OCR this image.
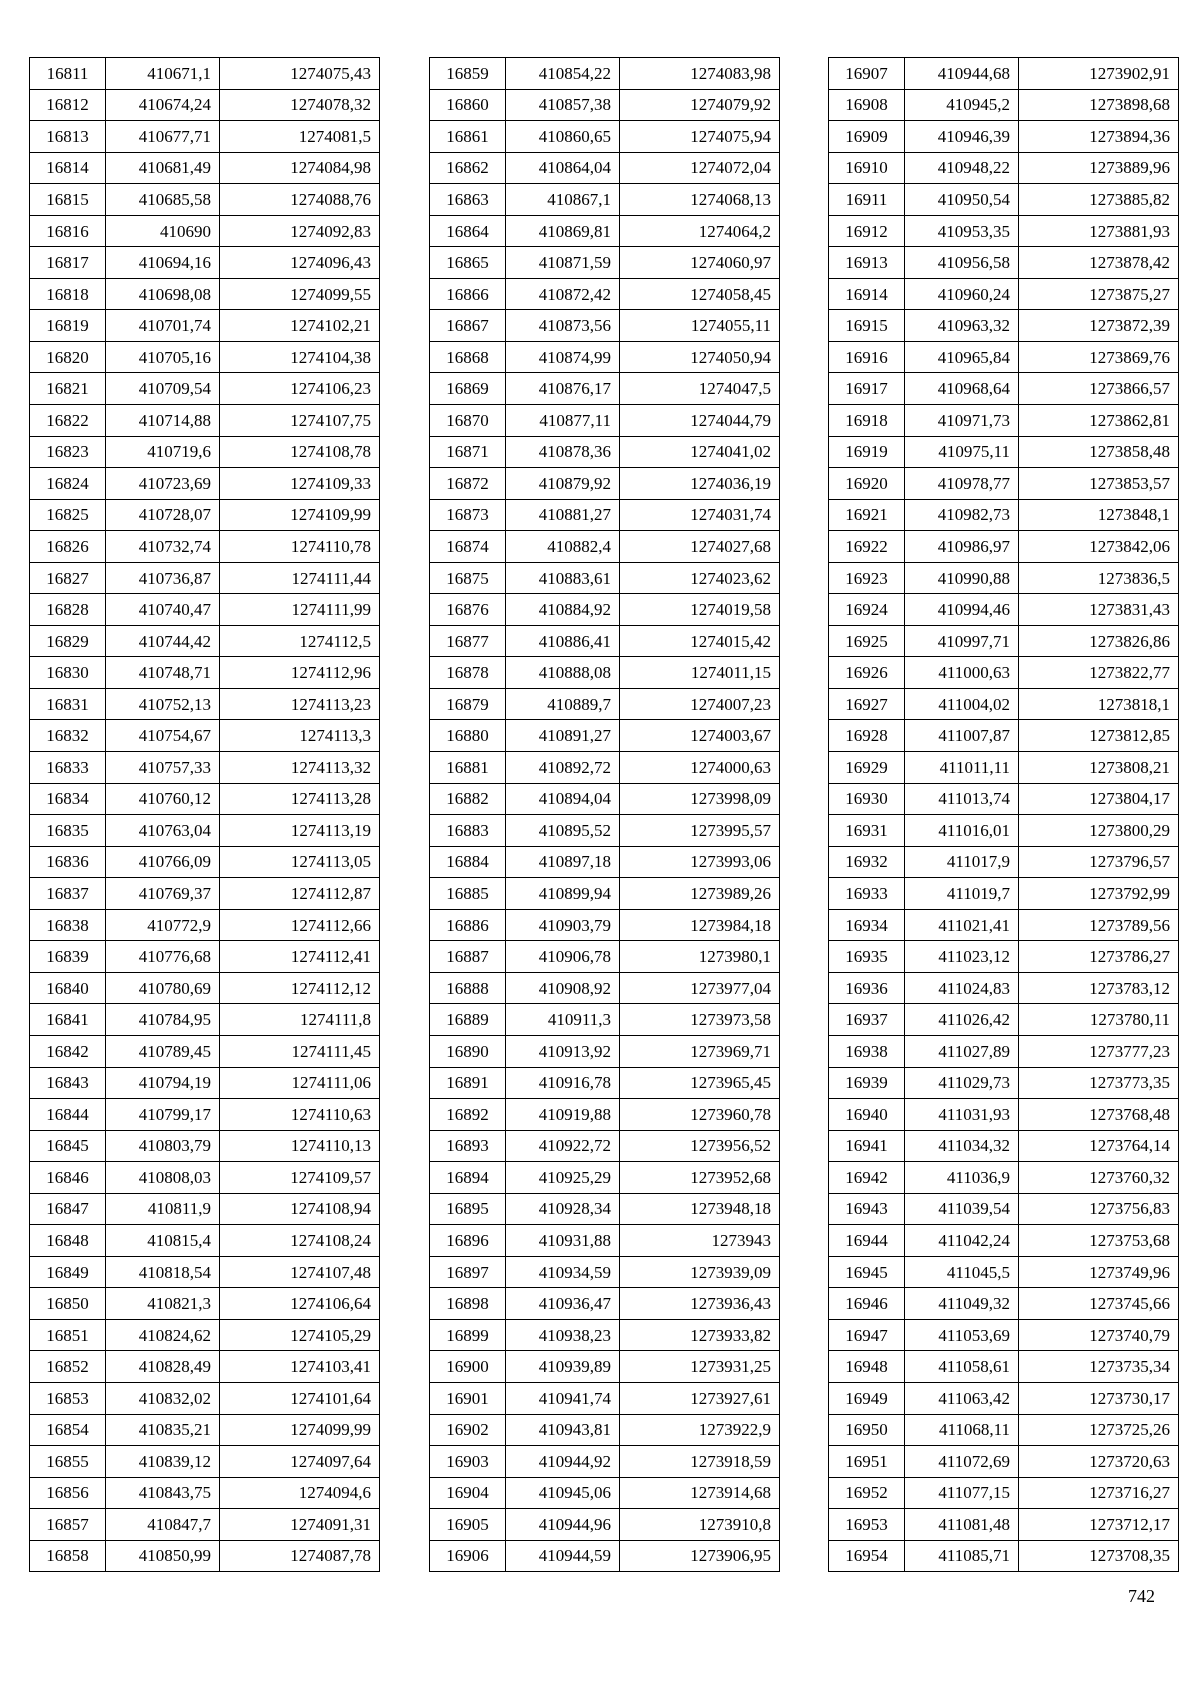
16811	410671,1	1274075,43
16812	410674,24	1274078,32
16813	410677,71	1274081,5
16814	410681,49	1274084,98
16815	410685,58	1274088,76
16816	410690	1274092,83
16817	410694,16	1274096,43
16818	410698,08	1274099,55
16819	410701,74	1274102,21
16820	410705,16	1274104,38
16821	410709,54	1274106,23
16822	410714,88	1274107,75
16823	410719,6	1274108,78
16824	410723,69	1274109,33
16825	410728,07	1274109,99
16826	410732,74	1274110,78
16827	410736,87	1274111,44
16828	410740,47	1274111,99
16829	410744,42	1274112,5
16830	410748,71	1274112,96
16831	410752,13	1274113,23
16832	410754,67	1274113,3
16833	410757,33	1274113,32
16834	410760,12	1274113,28
16835	410763,04	1274113,19
16836	410766,09	1274113,05
16837	410769,37	1274112,87
16838	410772,9	1274112,66
16839	410776,68	1274112,41
16840	410780,69	1274112,12
16841	410784,95	1274111,8
16842	410789,45	1274111,45
16843	410794,19	1274111,06
16844	410799,17	1274110,63
16845	410803,79	1274110,13
16846	410808,03	1274109,57
16847	410811,9	1274108,94
16848	410815,4	1274108,24
16849	410818,54	1274107,48
16850	410821,3	1274106,64
16851	410824,62	1274105,29
16852	410828,49	1274103,41
16853	410832,02	1274101,64
16854	410835,21	1274099,99
16855	410839,12	1274097,64
16856	410843,75	1274094,6
16857	410847,7	1274091,31
16858	410850,99	1274087,78
16859	410854,22	1274083,98
16860	410857,38	1274079,92
16861	410860,65	1274075,94
16862	410864,04	1274072,04
16863	410867,1	1274068,13
16864	410869,81	1274064,2
16865	410871,59	1274060,97
16866	410872,42	1274058,45
16867	410873,56	1274055,11
16868	410874,99	1274050,94
16869	410876,17	1274047,5
16870	410877,11	1274044,79
16871	410878,36	1274041,02
16872	410879,92	1274036,19
16873	410881,27	1274031,74
16874	410882,4	1274027,68
16875	410883,61	1274023,62
16876	410884,92	1274019,58
16877	410886,41	1274015,42
16878	410888,08	1274011,15
16879	410889,7	1274007,23
16880	410891,27	1274003,67
16881	410892,72	1274000,63
16882	410894,04	1273998,09
16883	410895,52	1273995,57
16884	410897,18	1273993,06
16885	410899,94	1273989,26
16886	410903,79	1273984,18
16887	410906,78	1273980,1
16888	410908,92	1273977,04
16889	410911,3	1273973,58
16890	410913,92	1273969,71
16891	410916,78	1273965,45
16892	410919,88	1273960,78
16893	410922,72	1273956,52
16894	410925,29	1273952,68
16895	410928,34	1273948,18
16896	410931,88	1273943
16897	410934,59	1273939,09
16898	410936,47	1273936,43
16899	410938,23	1273933,82
16900	410939,89	1273931,25
16901	410941,74	1273927,61
16902	410943,81	1273922,9
16903	410944,92	1273918,59
16904	410945,06	1273914,68
16905	410944,96	1273910,8
16906	410944,59	1273906,95
16907	410944,68	1273902,91
16908	410945,2	1273898,68
16909	410946,39	1273894,36
16910	410948,22	1273889,96
16911	410950,54	1273885,82
16912	410953,35	1273881,93
16913	410956,58	1273878,42
16914	410960,24	1273875,27
16915	410963,32	1273872,39
16916	410965,84	1273869,76
16917	410968,64	1273866,57
16918	410971,73	1273862,81
16919	410975,11	1273858,48
16920	410978,77	1273853,57
16921	410982,73	1273848,1
16922	410986,97	1273842,06
16923	410990,88	1273836,5
16924	410994,46	1273831,43
16925	410997,71	1273826,86
16926	411000,63	1273822,77
16927	411004,02	1273818,1
16928	411007,87	1273812,85
16929	411011,11	1273808,21
16930	411013,74	1273804,17
16931	411016,01	1273800,29
16932	411017,9	1273796,57
16933	411019,7	1273792,99
16934	411021,41	1273789,56
16935	411023,12	1273786,27
16936	411024,83	1273783,12
16937	411026,42	1273780,11
16938	411027,89	1273777,23
16939	411029,73	1273773,35
16940	411031,93	1273768,48
16941	411034,32	1273764,14
16942	411036,9	1273760,32
16943	411039,54	1273756,83
16944	411042,24	1273753,68
16945	411045,5	1273749,96
16946	411049,32	1273745,66
16947	411053,69	1273740,79
16948	411058,61	1273735,34
16949	411063,42	1273730,17
16950	411068,11	1273725,26
16951	411072,69	1273720,63
16952	411077,15	1273716,27
16953	411081,48	1273712,17
16954	411085,71	1273708,35
742
